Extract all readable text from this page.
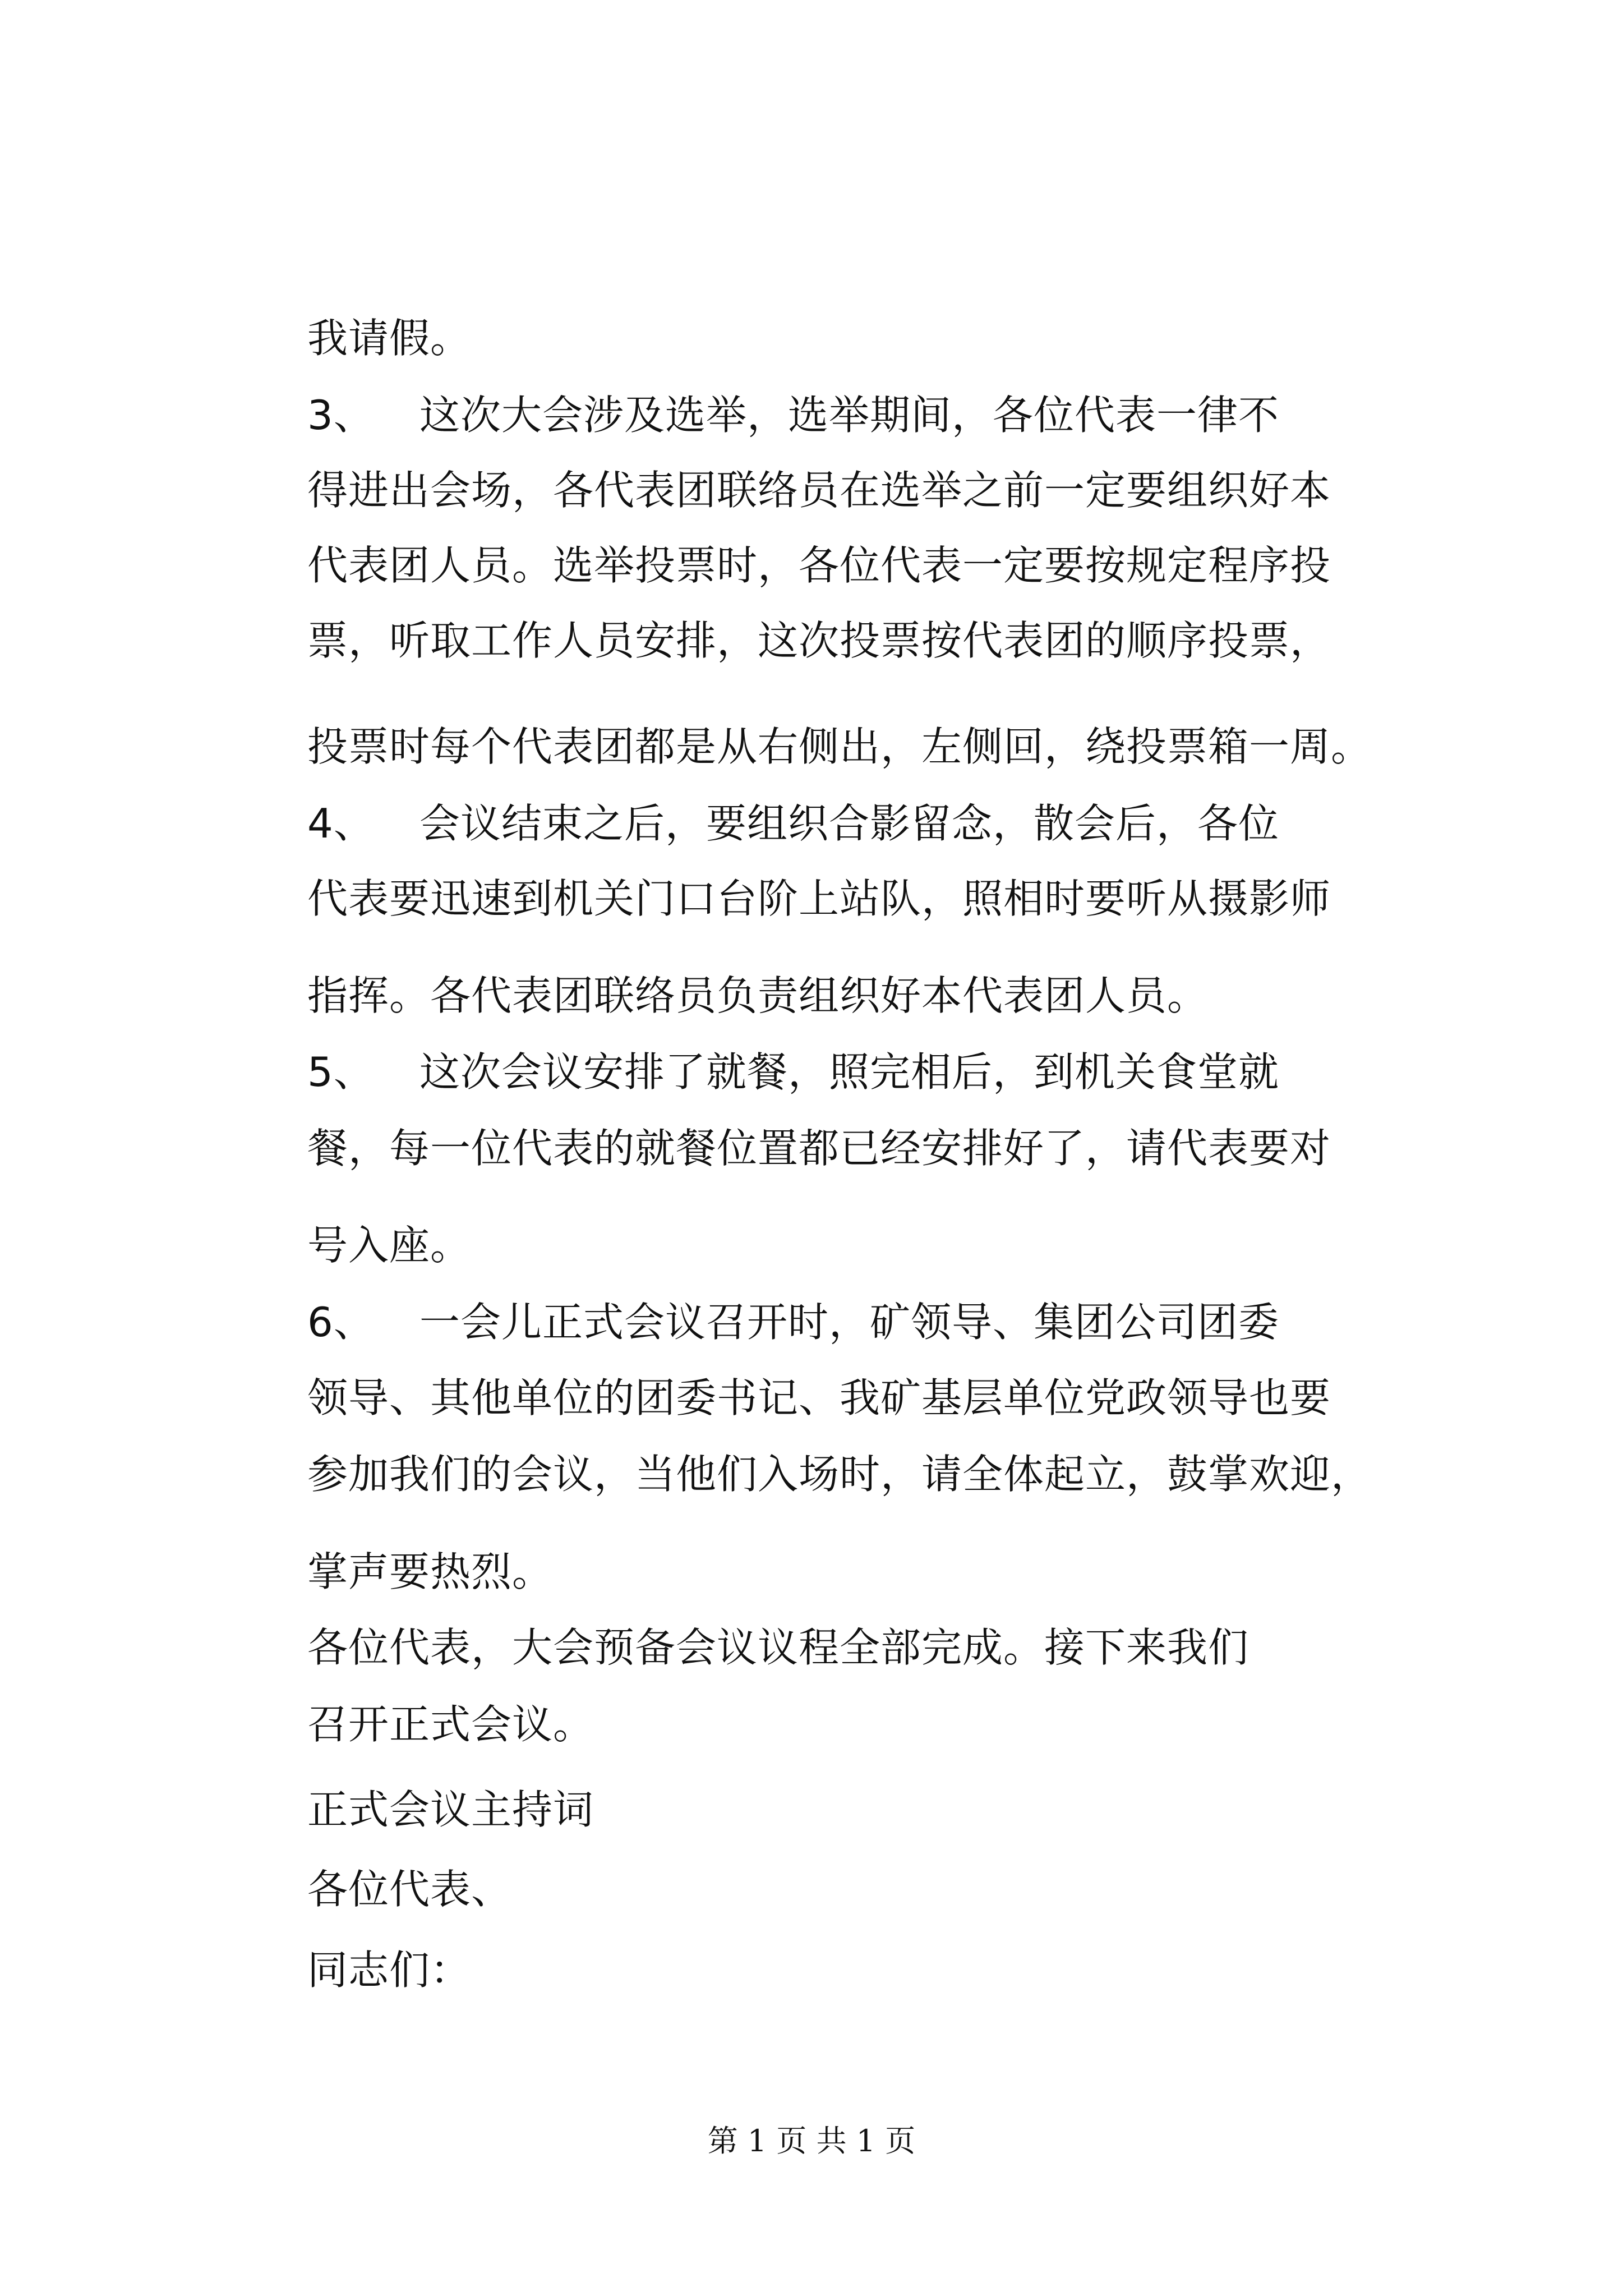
我请假。
3、 这次大会涉及选举，选举期间，各位代表一律不
得进出会场，各代表团联络员在选举之前一定要组织好本
代表团人员。选举投票时，各位代表一定要按规定程序投
票，听取工作人员安排，这次投票按代表团的顺序投票，
投票时每个代表团都是从右侧出，左侧回，绕投票箱一周。
4、 会议结束之后，要组织合影留念，散会后，各位
代表要迅速到机关门口台阶上站队，照相时要听从摄影师
指挥。各代表团联络员负责组织好本代表团人员。
5、 这次会议安排了就餐，照完相后，到机关食堂就
餐，每一位代表的就餐位置都已经安排好了，请代表要对
号入座。
6、 一会儿正式会议召开时，矿领导、集团公司团委
领导、其他单位的团委书记、我矿基层单位党政领导也要
参加我们的会议，当他们入场时，请全体起立，鼓掌欢迎，
掌声要热烈。
各位代表，大会预备会议议程全部完成。接下来我们
召开正式会议。
正式会议主持词
各位代表、
同志们：
第 1 页 共 1 页
